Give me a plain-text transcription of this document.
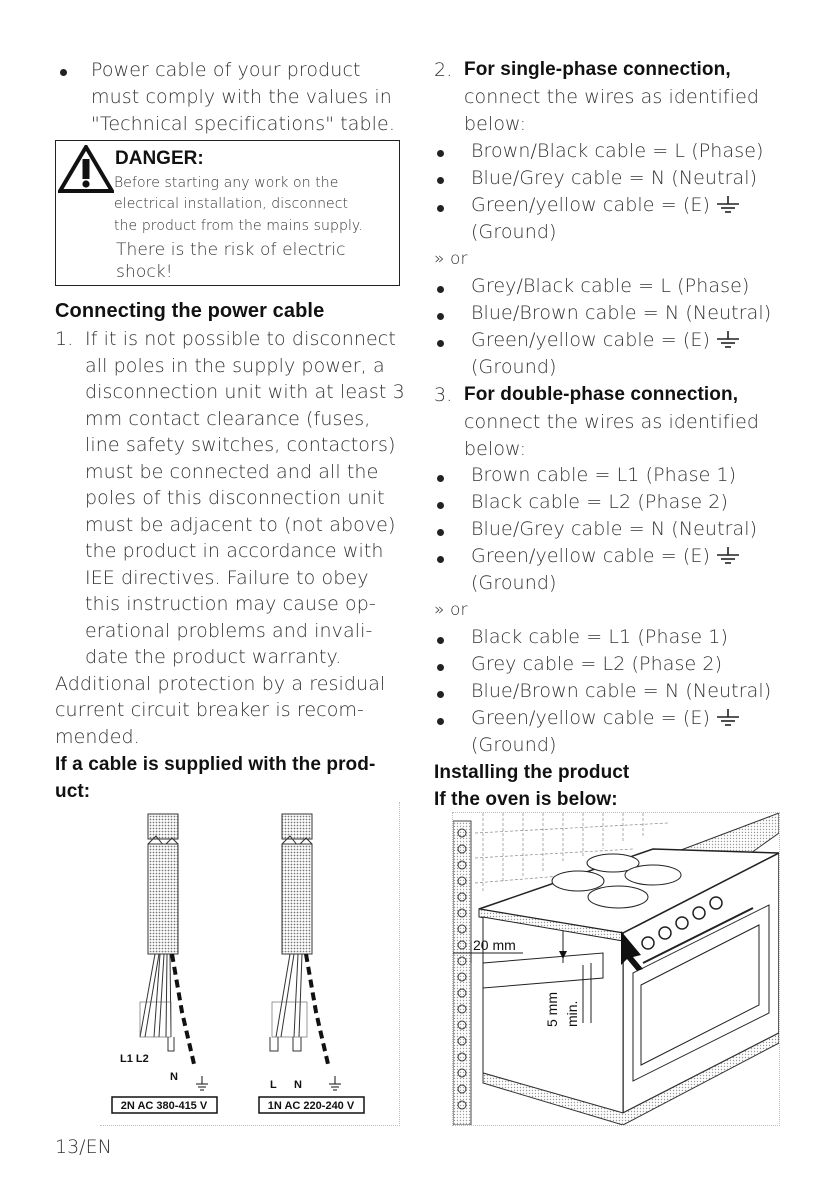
Power cable of your product
must comply with the values in
"Technical specifications" table.
DANGER:
Before starting any work on the
electrical installation, disconnect
the product from the mains supply.
There is the risk of electric
shock!
Connecting the power cable
1. If it is not possible to disconnect
all poles in the supply power, a
disconnection unit with at least 3
mm contact clearance (fuses,
line safety switches, contactors)
must be connected and all the
poles of this disconnection unit
must be adjacent to (not above)
the product in accordance with
IEE directives. Failure to obey
this instruction may cause op-
erational problems and invali-
date the product warranty.
Additional protection by a residual
current circuit breaker is recom-
mended.
If a cable is supplied with the prod-
uct:
L1 L2
N
2N AC 380-415 V
L N
1N AC 220-240 V
2. For single-phase connection,
connect the wires as identified
below:
Brown/Black cable = L (Phase)
Blue/Grey cable = N (Neutral)
Green/yellow cable = (E)
(Ground)
» or
Grey/Black cable = L (Phase)
Blue/Brown cable = N (Neutral)
Green/yellow cable = (E)
(Ground)
3. For double-phase connection,
connect the wires as identified
below:
Brown cable = L1 (Phase 1)
Black cable = L2 (Phase 2)
Blue/Grey cable = N (Neutral)
Green/yellow cable = (E)
(Ground)
» or
Black cable = L1 (Phase 1)
Grey cable = L2 (Phase 2)
Blue/Brown cable = N (Neutral)
Green/yellow cable = (E)
(Ground)
Installing the product
If the oven is below:
20 mm
5 mm min.
13/EN
